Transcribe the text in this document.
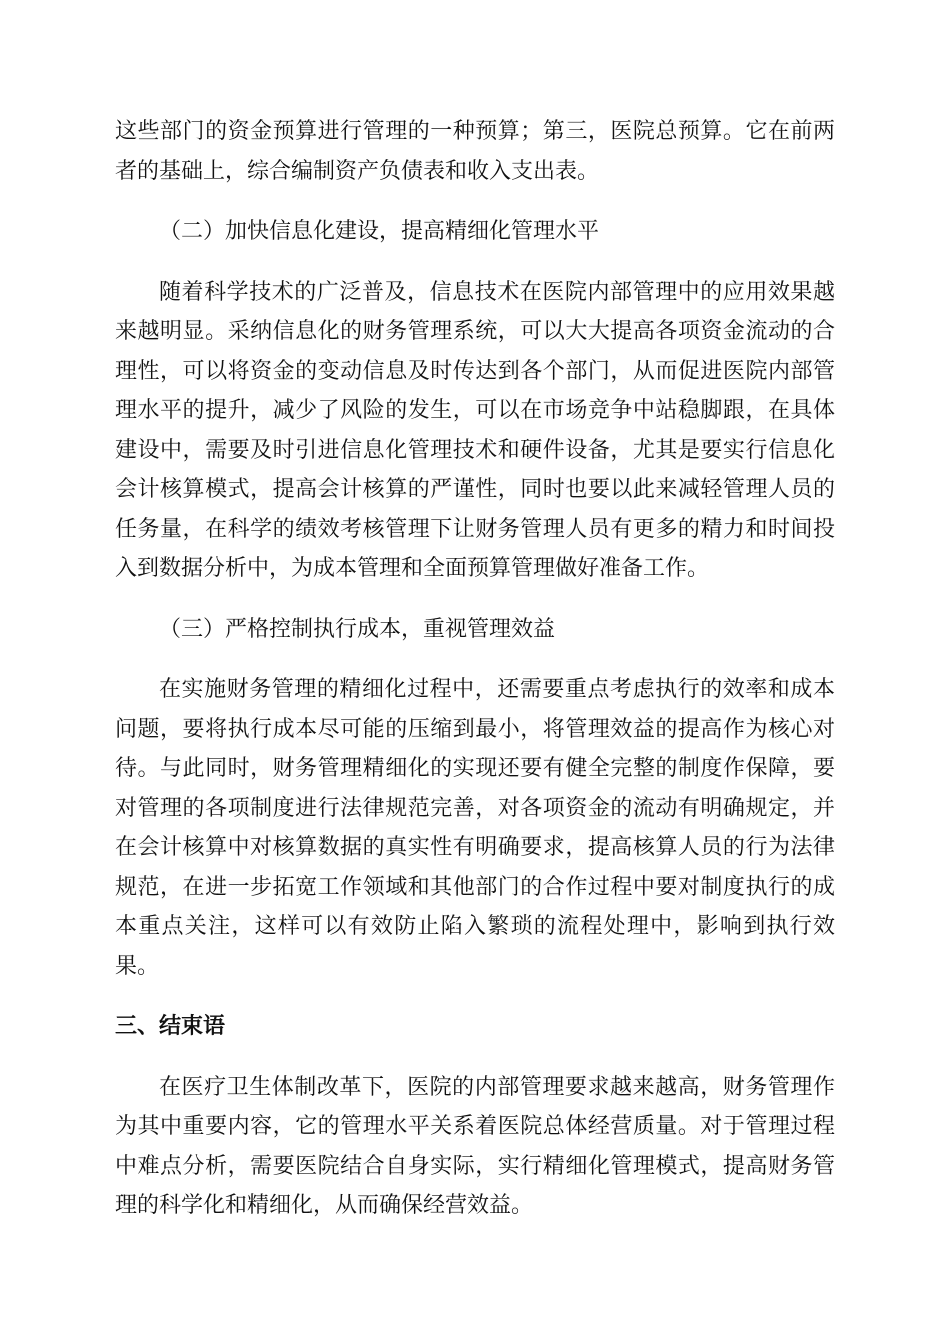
这些部门的资金预算进行管理的一种预算；第三，医院总预算。它在前两者的基础上，综合编制资产负债表和收入支出表。

（二）加快信息化建设，提高精细化管理水平

随着科学技术的广泛普及，信息技术在医院内部管理中的应用效果越来越明显。采纳信息化的财务管理系统，可以大大提高各项资金流动的合理性，可以将资金的变动信息及时传达到各个部门，从而促进医院内部管理水平的提升，减少了风险的发生，可以在市场竞争中站稳脚跟，在具体建设中，需要及时引进信息化管理技术和硬件设备，尤其是要实行信息化会计核算模式，提高会计核算的严谨性，同时也要以此来减轻管理人员的任务量，在科学的绩效考核管理下让财务管理人员有更多的精力和时间投入到数据分析中，为成本管理和全面预算管理做好准备工作。

（三）严格控制执行成本，重视管理效益

在实施财务管理的精细化过程中，还需要重点考虑执行的效率和成本问题，要将执行成本尽可能的压缩到最小，将管理效益的提高作为核心对待。与此同时，财务管理精细化的实现还要有健全完整的制度作保障，要对管理的各项制度进行法律规范完善，对各项资金的流动有明确规定，并在会计核算中对核算数据的真实性有明确要求，提高核算人员的行为法律规范，在进一步拓宽工作领域和其他部门的合作过程中要对制度执行的成本重点关注，这样可以有效防止陷入繁琐的流程处理中，影响到执行效果。

三、结束语

在医疗卫生体制改革下，医院的内部管理要求越来越高，财务管理作为其中重要内容，它的管理水平关系着医院总体经营质量。对于管理过程中难点分析，需要医院结合自身实际，实行精细化管理模式，提高财务管理的科学化和精细化，从而确保经营效益。
